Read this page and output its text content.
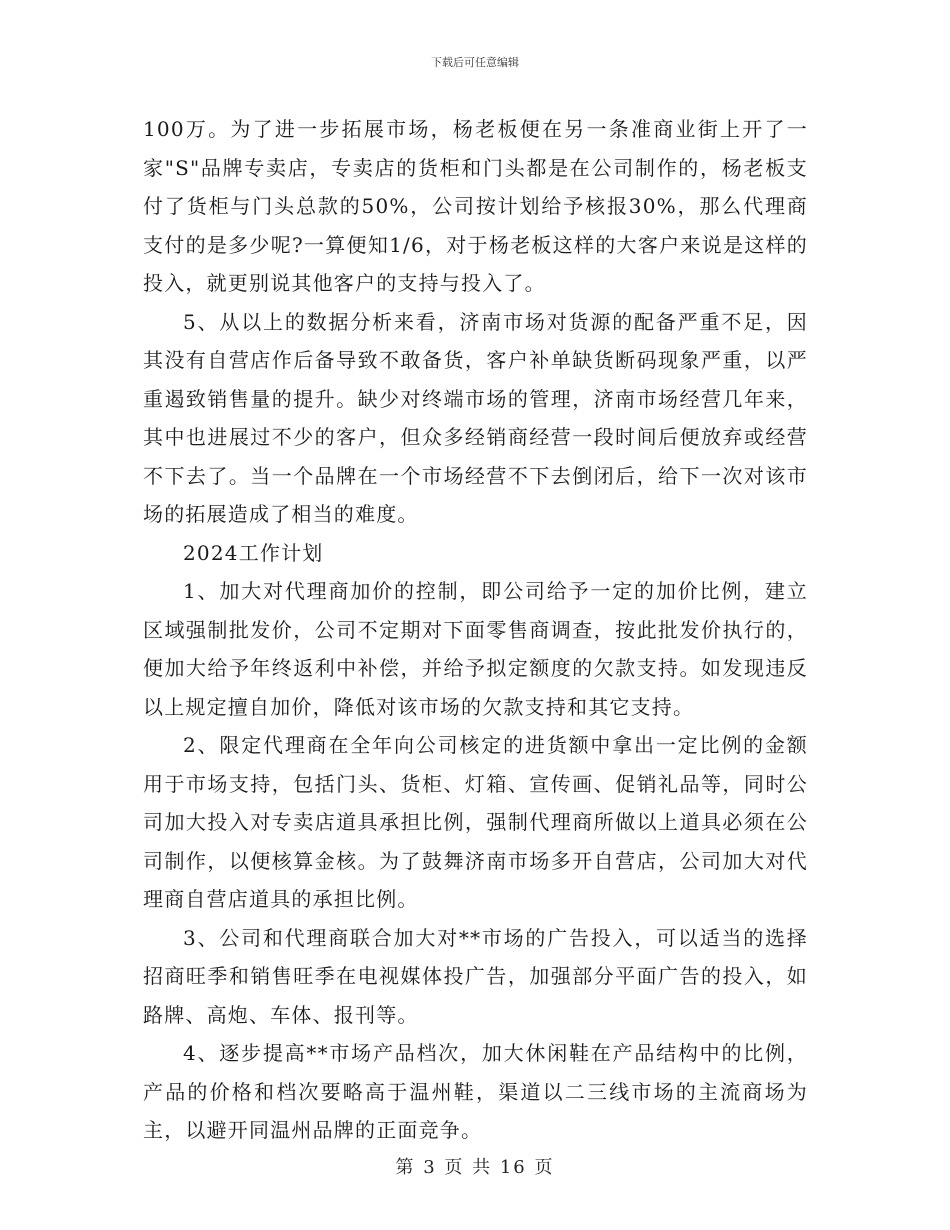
下载后可任意编辑

100万。为了进一步拓展市场，杨老板便在另一条准商业街上开了一家"S"品牌专卖店，专卖店的货柜和门头都是在公司制作的，杨老板支付了货柜与门头总款的50%，公司按计划给予核报30%，那么代理商支付的是多少呢?一算便知1/6，对于杨老板这样的大客户来说是这样的投入，就更别说其他客户的支持与投入了。

5、从以上的数据分析来看，济南市场对货源的配备严重不足，因其没有自营店作后备导致不敢备货，客户补单缺货断码现象严重，以严重遏致销售量的提升。缺少对终端市场的管理，济南市场经营几年来，其中也进展过不少的客户，但众多经销商经营一段时间后便放弃或经营不下去了。当一个品牌在一个市场经营不下去倒闭后，给下一次对该市场的拓展造成了相当的难度。

2024工作计划

1、加大对代理商加价的控制，即公司给予一定的加价比例，建立区域强制批发价，公司不定期对下面零售商调查，按此批发价执行的，便加大给予年终返利中补偿，并给予拟定额度的欠款支持。如发现违反以上规定擅自加价，降低对该市场的欠款支持和其它支持。

2、限定代理商在全年向公司核定的进货额中拿出一定比例的金额用于市场支持，包括门头、货柜、灯箱、宣传画、促销礼品等，同时公司加大投入对专卖店道具承担比例，强制代理商所做以上道具必须在公司制作，以便核算金核。为了鼓舞济南市场多开自营店，公司加大对代理商自营店道具的承担比例。

3、公司和代理商联合加大对**市场的广告投入，可以适当的选择招商旺季和销售旺季在电视媒体投广告，加强部分平面广告的投入，如路牌、高炮、车体、报刊等。

4、逐步提高**市场产品档次，加大休闲鞋在产品结构中的比例，产品的价格和档次要略高于温州鞋，渠道以二三线市场的主流商场为主，以避开同温州品牌的正面竞争。

第 3 页 共 16 页
